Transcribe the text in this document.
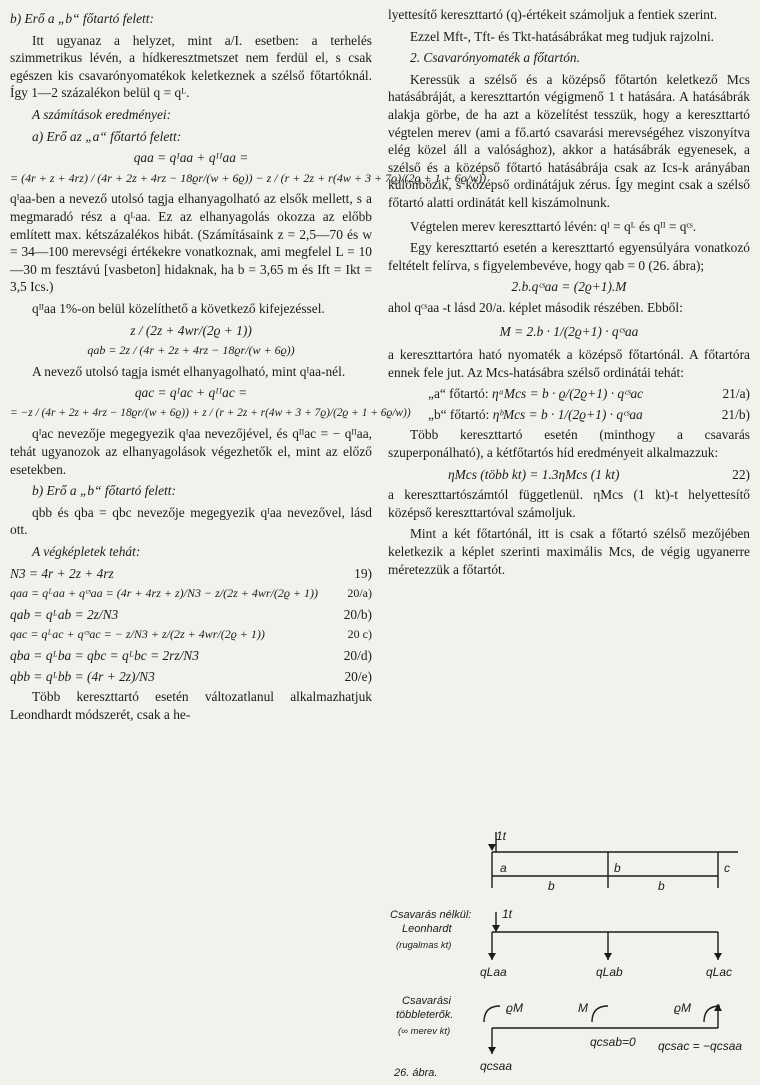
b) Erő a „b“ főtartó felett:

Itt ugyanaz a helyzet, mint a/I. esetben: a terhelés szimmetrikus lévén, a hídkeresztmetszet nem ferdül el, s csak egészen kis csavarónyomatékok keletkeznek a szélső főtartóknál. Így 1—2 százalékon belül q = qᴸ.

A számítások eredményei:

a) Erő az „a“ főtartó felett:

qaa = qᴵaa + qᴵᴵaa =
= (4r + z + 4rz) / (4r + 2z + 4rz − 18ϱr/(w + 6ϱ)) − z / (r + 2z + r(4w + 3 + 7ϱ)/(2ϱ + 1 + 6ϱ/w))

qᴵaa-ben a nevező utolsó tagja elhanyagolható az elsők mellett, s a megmaradó rész a qᴸaa. Ez az elhanyagolás okozza az előbb említett max. kétszázalékos hibát. (Számításaink z = 2,5—70 és w = 34—100 merevségi értékekre vonatkoznak, ami megfelel L = 10—30 m fesztávú [vasbeton] hidaknak, ha b = 3,65 m és Ift = Ikt = 3,5 Ics.)

qᴵᴵaa 1%-on belül közelíthető a következő kifejezéssel.

z / (2z + 4wr/(2ϱ + 1))
qab =
2z / (4r + 2z + 4rz − 18ϱr/(w + 6ϱ))

A nevező utolsó tagja ismét elhanyagolható, mint qᴵaa-nél.

qac = qᴵac + qᴵᴵac =
= −z / (4r + 2z + 4rz − 18ϱr/(w + 6ϱ)) + z / (r + 2z + r(4w + 3 + 7ϱ)/(2ϱ + 1 + 6ϱ/w))

qᴵac nevezője megegyezik qᴵaa nevezőjével, és qᴵᴵac = − qᴵᴵaa, tehát ugyanozok az elhanyagolások végezhetők el, mint az előző esetekben.

b) Erő a „b“ főtartó felett:

qbb és qba = qbc nevezője megegyezik qᴵaa nevezővel, lásd ott.

A végképletek tehát:

N3 = 4r + 2z + 4rz	19)
qaa = qᴸaa + qᶜˢaa = (4r + 4rz + z)/N3 − z/(2z + 4wr/(2ϱ + 1))	20/a)
qab = qᴸab = 2z/N3	20/b)
qac = qᴸac + qᶜˢac = − z/N3 + z/(2z + 4wr/(2ϱ + 1))	20 c)
qba = qᴸba = qbc = qᴸbc = 2rz/N3	20/d)
qbb = qᴸbb = (4r + 2z)/N3	20/e)

Több kereszttartó esetén változatlanul alkalmazhatjuk Leondhardt módszerét, csak a he-

lyettesítő kereszttartó (q)-értékeit számoljuk a fentiek szerint.

Ezzel Mft-, Tft- és Tkt-hatásábrákat meg tudjuk rajzolni.

2. Csavarónyomaték a főtartón.

Keressük a szélső és a középső főtartón keletkező Mcs hatásábráját, a kereszttartón végigmenő 1 t hatására. A hatásábrák alakja görbe, de ha azt a közelítést tesszük, hogy a kereszttartó végtelen merev (ami a fő.artó csavarási merevségéhez viszonyítva elég közel áll a valósághoz), akkor a hatásábrák egyenesek, a szélső és a középső főtartó hatásábrája csak az Ics-k arányában különbözik, s középső ordinátájuk zérus. Így megint csak a szélső főtartó alatti ordinátát kell kiszámolnunk.

Végtelen merev kereszttartó lévén: qᴵ = qᴸ és qᴵᴵ = qᶜˢ.

Egy kereszttartó esetén a kereszttartó egyensúlyára vonatkozó feltételt felírva, s figyelembevéve, hogy qab = 0 (26. ábra);

2.b.qᶜˢaa = (2ϱ+1).M

ahol qᶜˢaa -t lásd 20/a. képlet második részében. Ebből:

M = 2.b · 1/(2ϱ+1) · qᶜˢaa

a kereszttartóra ható nyomaték a középső főtartónál. A főtartóra ennek fele jut. Az Mcs-hatásábra szélső ordinátái tehát:

„a“ főtartó:
ηᵃMcs = b · ϱ/(2ϱ+1) · qᶜˢac	21/a)
„b“ főtartó:
ηᵇMcs = b · 1/(2ϱ+1) · qᶜˢaa	21/b)

Több kereszttartó esetén (minthogy a csavarás szuperponálható), a kétfőtartós híd eredményeit alkalmazzuk:

ηMcs (több kt) = 1.3ηMcs (1 kt)	22)

a kereszttartószámtól függetlenül. ηMcs (1 kt)-t helyettesítő középső kereszttartóval számoljuk.

Mint a két főtartónál, itt is csak a főtartó szélső mezőjében keletkezik a képlet szerinti maximális Mcs, de végig ugyanerre méretezzük a főtartót.

1t
a
b
b
b
c
1t
Csavarás nélkül:
Leonhardt
(rugalmas kt)
qLaa	qLab	qLac
Csavarási
többleterők.
(∞ merev kt)
ϱM	M	ϱM
qcsaa
qcsab=0 qcsac = −qcsaa
26. ábra.
